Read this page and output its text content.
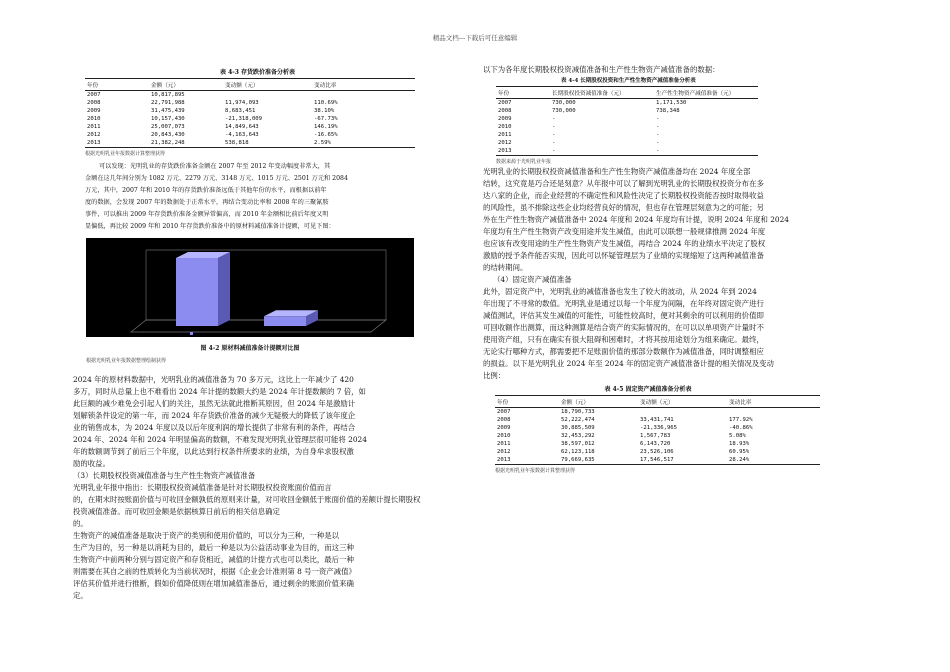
精品文档---下载后可任意编辑

表 4-3 存货跌价准备分析表

年份	金额（元）	变动额（元）	变动比率
2007	10,817,895		
2008	22,791,988	11,974,093	110.69%
2009	31,475,439	8,683,451	38.10%
2010	10,157,430	-21,318,009	-67.73%
2011	25,007,073	14,849,643	146.19%
2012	20,843,430	-4,163,643	-16.65%
2013	21,382,248	538,818	2.59%

根据光明乳业年报数据计算整理获得

可以发现：光明乳业的存货跌价准备金额在 2007 年至 2012 年变动幅度非常大，其

金额在这几年间分别为 1082 万元、2279 万元、3148 万元、1015 万元、2501 万元和 2084

万元，其中，2007 年和 2010 年的存货跌价准备远低于其他年份的水平，而根据以前年

度的数据，会发现 2007 年的数据处于正常水平，再结合变动比率和 2008 年的三聚氰胺

事件，可以推出 2009 年存货跌价准备金额异常偏高，而 2010 年金额相比前后年度又明

显偏低，再比较 2009 年和 2010 年存货跌价准备中的原材料减值准备计提额，可见下图：

图 4-2 原材料减值准备计提额对比图

根据光明乳业年报数据整理绘制获得

2024 年的原材料数据中，光明乳业的减值准备为 70 多万元，这比上一年减少了 420

多万，同时从总量上也不难看出 2024 年计提的数额大约是 2024 年计提数额的 7 倍，如

此巨额的减少难免会引起人们的关注，虽然无法就此推断其原因，但 2024 年是激励计

划解锁条件设定的第一年，而 2024 年存货跌价准备的减少无疑极大的降低了该年度企

业的销售成本，为 2024 年度以及以后年度利润的增长提供了非常有利的条件，再结合

2024 年、2024 年和 2024 年明显偏高的数额，不难发现光明乳业管理层很可能将 2024

年的数额调节到了前后三个年度，以此达到行权条件所要求的业绩，为自身牟求股权激

励的收益。

（3）长期股权投资减值准备与生产性生物资产减值准备

光明乳业年报中指出：长期股权投资减值准备是针对长期股权投资账面价值而言

的，在期末时按账面价值与可收回金额孰低的原则来计量，对可收回金额低于账面价值的差额计提长期股权

投资减值准备。而可收回金额是依据核算日前后的相关信息确定

的。

生物资产的减值准备是取决于资产的类别和使用价值的，可以分为三种，一种是以

生产为目的，另一种是以消耗为目的，最后一种是以为公益活动事业为目的，而这三种

生物资产中前两种分别与固定资产和存货相近，减值的计提方式也可以类比，最后一种

则需要在其自之前的性质转化为当前状况时，根据《企业会计准则第 8 号一资产减值》

评估其价值并进行推断，假如价值降低则在增加减值准备后，通过剩余的账面价值来确

定。

以下为各年度长期股权投资减值准备和生产性生物资产减值准备的数据：

表 4-4 长期股权投资和生产性生物资产减值准备分析表

年份	长期股权投资减值准备（元）	生产性生物资产减值准备（元）
2007	730,000	1,171,530
2008	730,000	738,348
2009	-	-
2010	-	-
2011	-	-
2012	-	-
2013	-	-

数据来源于光明乳业年报

光明乳业的长期股权投资减值准备和生产性生物资产减值准备均在 2024 年度全部

结转，这究竟是巧合还是刻意？从年报中可以了解到光明乳业的长期股权投资分布在多

达八家的企业，而企业经营的不确定性和风险性决定了长期股权投资能否按时取得收益

的风险性，虽不排除这些企业均经营良好的情况，但也存在管理层刻意为之的可能；另

外在生产性生物资产减值准备中 2024 年度和 2024 年度均有计提，说明 2024 年度和 2024

年度均有生产性生物资产改变用途并发生减值，由此可以联想一般规律推测 2024 年度

也应该有改变用途的生产性生物资产发生减值，再结合 2024 年的业绩水平决定了股权

激励的授予条件能否实现，因此可以怀疑管理层为了业绩的实现缩短了这两种减值准备

的结转期间。

（4）固定资产减值准备

此外，固定资产中，光明乳业的减值准备也发生了较大的波动，从 2024 年到 2024

年出现了不寻常的数值。光明乳业是通过以每一个年度为间隔，在年终对固定资产进行

减值测试，评估其发生减值的可能性，可能性较高时，便对其剩余的可以利用的价值即

可回收额作出测算，而这种测算是结合资产的实际情况的，在可以以单项资产计量时不

使用资产组，只有在确实有很大阻碍和困难时，才将其按用途划分为组来确定。最终，

无论实行哪种方式，都需要把不足账面价值的那部分数额作为减值准备，同时调整相应

的损益。以下是光明乳业 2024 年至 2024 年的固定资产减值准备计提的相关情况及变动

比例：

表 4-5 固定资产减值准备分析表

年份	金额（元）	变动额（元）	变动比率
2007	18,790,733		
2008	52,222,474	33,431,741	177.92%
2009	30,885,509	-21,336,965	-40.86%
2010	32,453,292	1,567,783	5.08%
2011	38,597,012	6,143,720	18.93%
2012	62,123,118	23,526,106	60.95%
2013	79,669,635	17,546,517	28.24%

根据光明乳业年报数据计算整理获得
